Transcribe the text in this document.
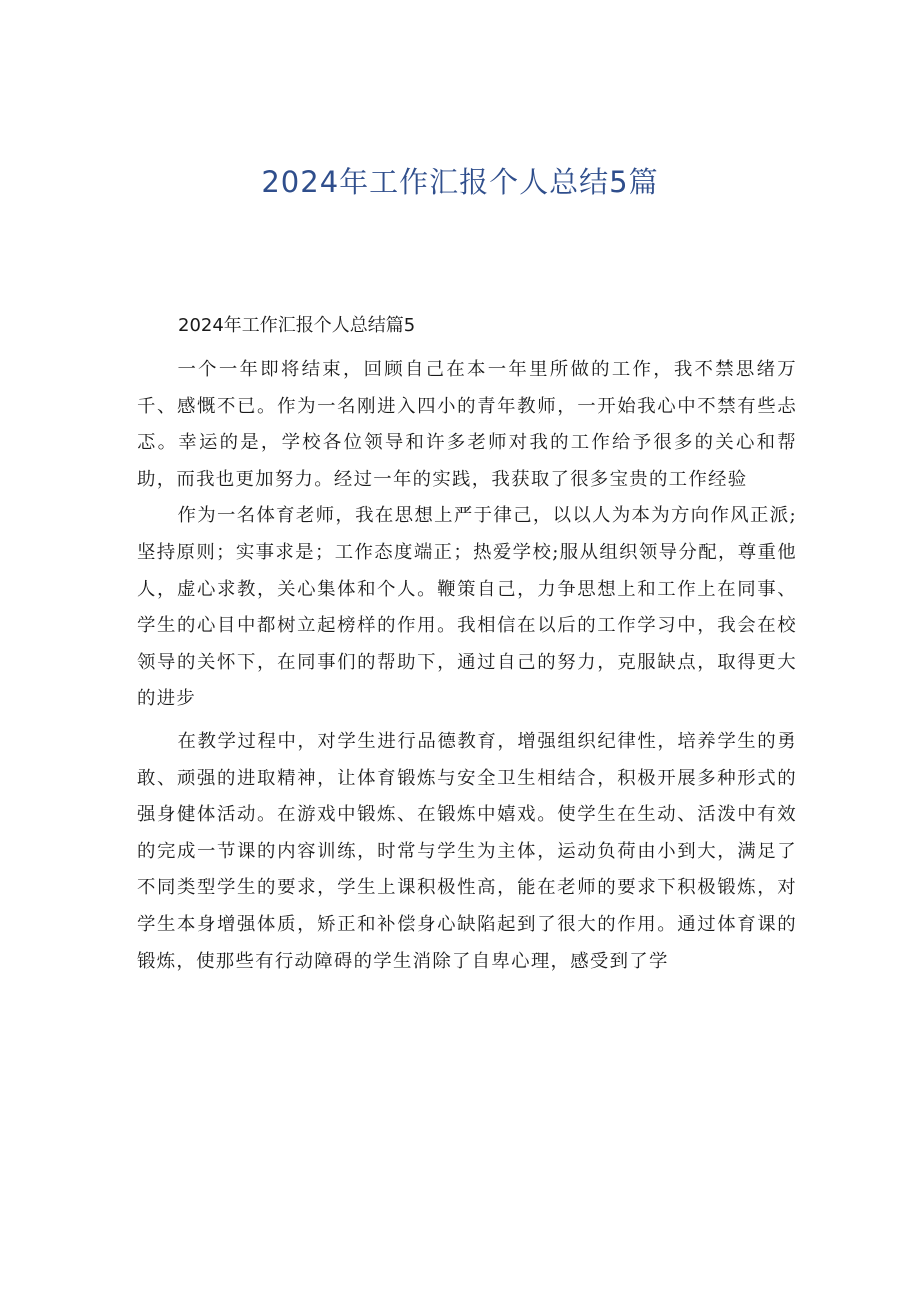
2024年工作汇报个人总结5篇
2024年工作汇报个人总结篇5

一个一年即将结束，回顾自己在本一年里所做的工作，我不禁思绪万千、感慨不已。作为一名刚进入四小的青年教师，一开始我心中不禁有些忐忑。幸运的是，学校各位领导和许多老师对我的工作给予很多的关心和帮助，而我也更加努力。经过一年的实践，我获取了很多宝贵的工作经验

作为一名体育老师，我在思想上严于律己，以以人为本为方向作风正派;坚持原则；实事求是；工作态度端正；热爱学校;服从组织领导分配，尊重他人，虚心求教，关心集体和个人。鞭策自己，力争思想上和工作上在同事、学生的心目中都树立起榜样的作用。我相信在以后的工作学习中，我会在校领导的关怀下，在同事们的帮助下，通过自己的努力，克服缺点，取得更大的进步

在教学过程中，对学生进行品德教育，增强组织纪律性，培养学生的勇敢、顽强的进取精神，让体育锻炼与安全卫生相结合，积极开展多种形式的强身健体活动。在游戏中锻炼、在锻炼中嬉戏。使学生在生动、活泼中有效的完成一节课的内容训练，时常与学生为主体，运动负荷由小到大，满足了不同类型学生的要求，学生上课积极性高，能在老师的要求下积极锻炼，对学生本身增强体质，矫正和补偿身心缺陷起到了很大的作用。通过体育课的锻炼，使那些有行动障碍的学生消除了自卑心理，感受到了学
